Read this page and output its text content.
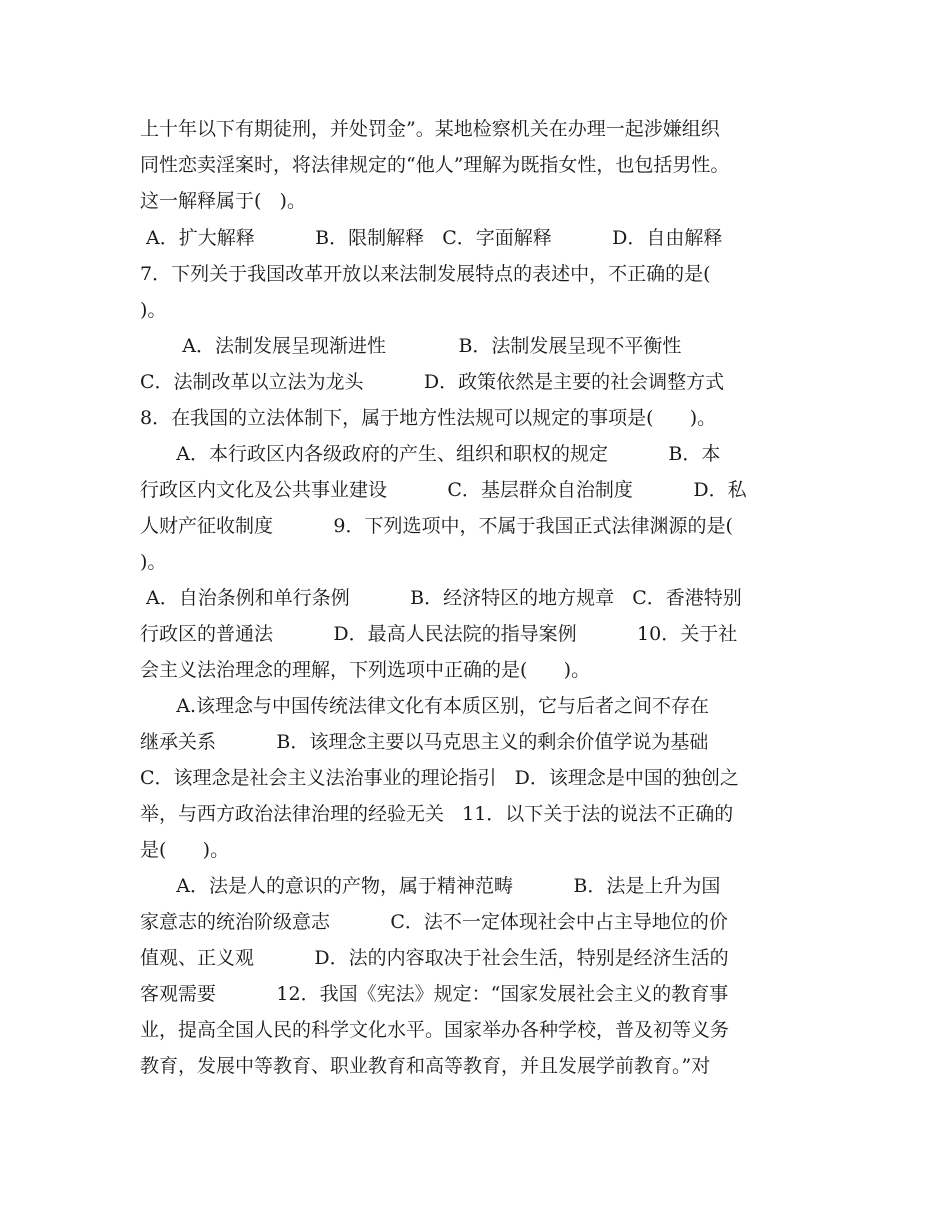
上十年以下有期徒刑，并处罚金”。某地检察机关在办理一起涉嫌组织
同性恋卖淫案时，将法律规定的“他人”理解为既指女性，也包括男性。
这一解释属于(   )。
A．扩大解释          B．限制解释   C．字面解释          D．自由解释
7．下列关于我国改革开放以来法制发展特点的表述中，不正确的是(
)。
A．法制发展呈现渐进性            B．法制发展呈现不平衡性
C．法制改革以立法为龙头          D．政策依然是主要的社会调整方式
8．在我国的立法体制下，属于地方性法规可以规定的事项是(      )。
A．本行政区内各级政府的产生、组织和职权的规定          B．本
行政区内文化及公共事业建设          C．基层群众自治制度          D．私
人财产征收制度          9．下列选项中，不属于我国正式法律渊源的是(
)。
A．自治条例和单行条例          B．经济特区的地方规章   C．香港特别
行政区的普通法          D．最高人民法院的指导案例          10．关于社
会主义法治理念的理解，下列选项中正确的是(      )。
A.该理念与中国传统法律文化有本质区别，它与后者之间不存在
继承关系          B．该理念主要以马克思主义的剩余价值学说为基础
C．该理念是社会主义法治事业的理论指引   D．该理念是中国的独创之
举，与西方政治法律治理的经验无关   11．以下关于法的说法不正确的
是(      )。
A．法是人的意识的产物，属于精神范畴          B．法是上升为国
家意志的统治阶级意志          C．法不一定体现社会中占主导地位的价
值观、正义观          D．法的内容取决于社会生活，特别是经济生活的
客观需要          12．我国《宪法》规定：“国家发展社会主义的教育事
业，提高全国人民的科学文化水平。国家举办各种学校，普及初等义务
教育，发展中等教育、职业教育和高等教育，并且发展学前教育。”对
